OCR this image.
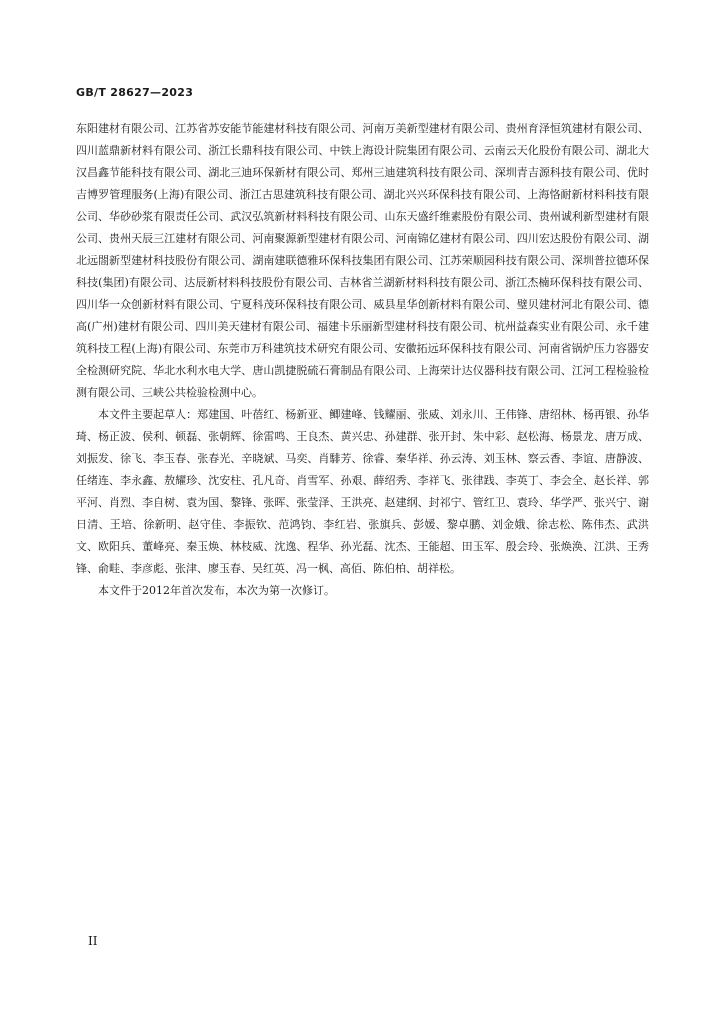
GB/T 28627—2023

东阳建材有限公司、江苏省苏安能节能建材科技有限公司、河南万美新型建材有限公司、贵州育泽恒筑建材有限公司、四川蓝鼎新材料有限公司、浙江长鼎科技有限公司、中铁上海设计院集团有限公司、云南云天化股份有限公司、湖北大汉昌鑫节能科技有限公司、湖北三迪环保新材有限公司、郑州三迪建筑科技有限公司、深圳青吉源科技有限公司、优时吉博罗管理服务(上海)有限公司、浙江古思建筑科技有限公司、湖北兴兴环保科技有限公司、上海恪耐新材料科技有限公司、华砂砂浆有限责任公司、武汉弘筑新材料科技有限公司、山东天盛纤维素股份有限公司、贵州诚利新型建材有限公司、贵州天辰三江建材有限公司、河南聚源新型建材有限公司、河南锦亿建材有限公司、四川宏达股份有限公司、湖北远閤新型建材科技股份有限公司、湖南建联德雅环保科技集团有限公司、江苏荣顺园科技有限公司、深圳普拉德环保科技(集团)有限公司、达辰新材料科技股份有限公司、吉林省兰湖新材料科技有限公司、浙江杰楠环保科技有限公司、四川华一众创新材料有限公司、宁夏科茂环保科技有限公司、威县星华创新材料有限公司、璧贝建材河北有限公司、德高(广州)建材有限公司、四川美天建材有限公司、福建卡乐丽新型建材科技有限公司、杭州益森实业有限公司、永千建筑科技工程(上海)有限公司、东莞市万科建筑技术研究有限公司、安徽拓远环保科技有限公司、河南省锅炉压力容器安全检测研究院、华北水利水电大学、唐山凯捷脱硫石膏制品有限公司、上海荣计达仪器科技有限公司、江河工程检验检测有限公司、三峡公共检验检测中心。

本文件主要起草人：郑建国、叶蓓红、杨新亚、鲫建峰、钱耀丽、张威、刘永川、王伟锋、唐绍林、杨再银、孙华琦、杨正波、侯利、顿磊、张朝辉、徐雷鸣、王良杰、黄兴忠、孙建群、张开封、朱中彩、赵松海、杨景龙、唐万成、刘振发、徐飞、李玉春、张春光、辛晓斌、马奕、肖騑芳、徐睿、秦华祥、孙云涛、刘玉林、察云香、李谊、唐静波、任绪连、李永鑫、敖耀珍、沈安柱、孔凡奇、肖雪军、孙艰、薛绍秀、李祥飞、张律践、李英丁、李会全、赵长祥、郭平河、肖烈、李自树、袁为国、黎锋、张晖、张莹泽、王洪亮、赵建纲、封祁宁、管红卫、袁玲、华学严、张兴宁、谢日清、王培、徐新明、赵守佳、李振钦、范鸿钧、李红岩、张旗兵、彭媛、黎卓鹏、刘金娥、徐志松、陈伟杰、武洪文、欧阳兵、董峰亮、秦玉焕、林枝威、沈逸、程华、孙光磊、沈杰、王能超、田玉军、殷会玲、张焕涣、江洪、王秀锋、俞畦、李彦彪、张津、廖玉春、吴红英、冯一枫、高佰、陈伯柏、胡祥松。

本文件于2012年首次发布，本次为第一次修订。

II
